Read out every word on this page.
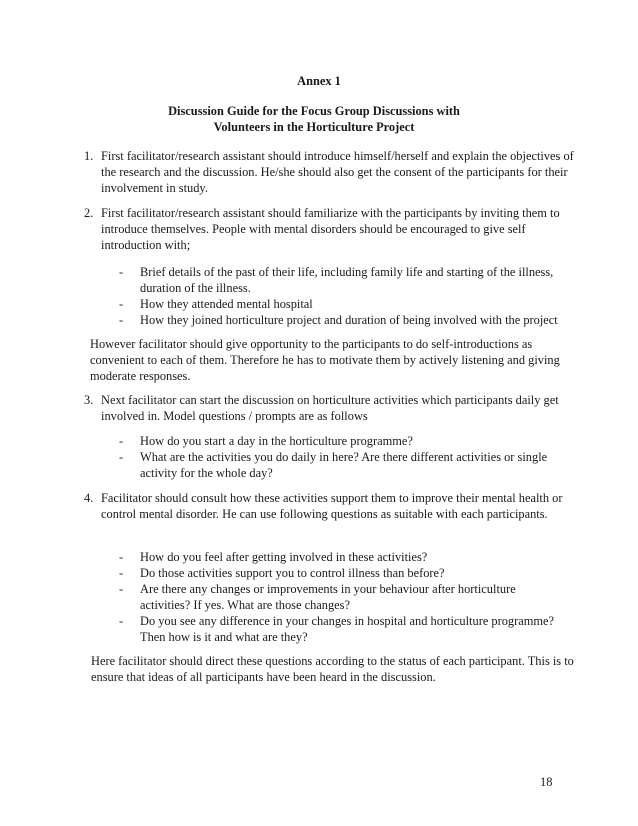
Annex 1
Discussion Guide for the Focus Group Discussions with
Volunteers in the Horticulture Project
1. First facilitator/research assistant should introduce himself/herself and explain the objectives of the research and the discussion. He/she should also get the consent of the participants for their involvement in study.
2. First facilitator/research assistant should familiarize with the participants by inviting them to introduce themselves. People with mental disorders should be encouraged to give self introduction with;
- Brief details of the past of their life, including family life and starting of the illness, duration of the illness.
- How they attended mental hospital
- How they joined horticulture project and duration of being involved with the project
However facilitator should give opportunity to the participants to do self-introductions as convenient to each of them. Therefore he has to motivate them by actively listening and giving moderate responses.
3. Next facilitator can start the discussion on horticulture activities which participants daily get involved in. Model questions / prompts are as follows
- How do you start a day in the horticulture programme?
- What are the activities you do daily in here? Are there different activities or single activity for the whole day?
4. Facilitator should consult how these activities support them to improve their mental health or control mental disorder. He can use following questions as suitable with each participants.
- How do you feel after getting involved in these activities?
- Do those activities support you to control illness than before?
- Are there any changes or improvements in your behaviour after horticulture activities? If yes. What are those changes?
- Do you see any difference in your changes in hospital and horticulture programme? Then how is it and what are they?
Here facilitator should direct these questions according to the status of each participant. This is to ensure that ideas of all participants have been heard in the discussion.
18
